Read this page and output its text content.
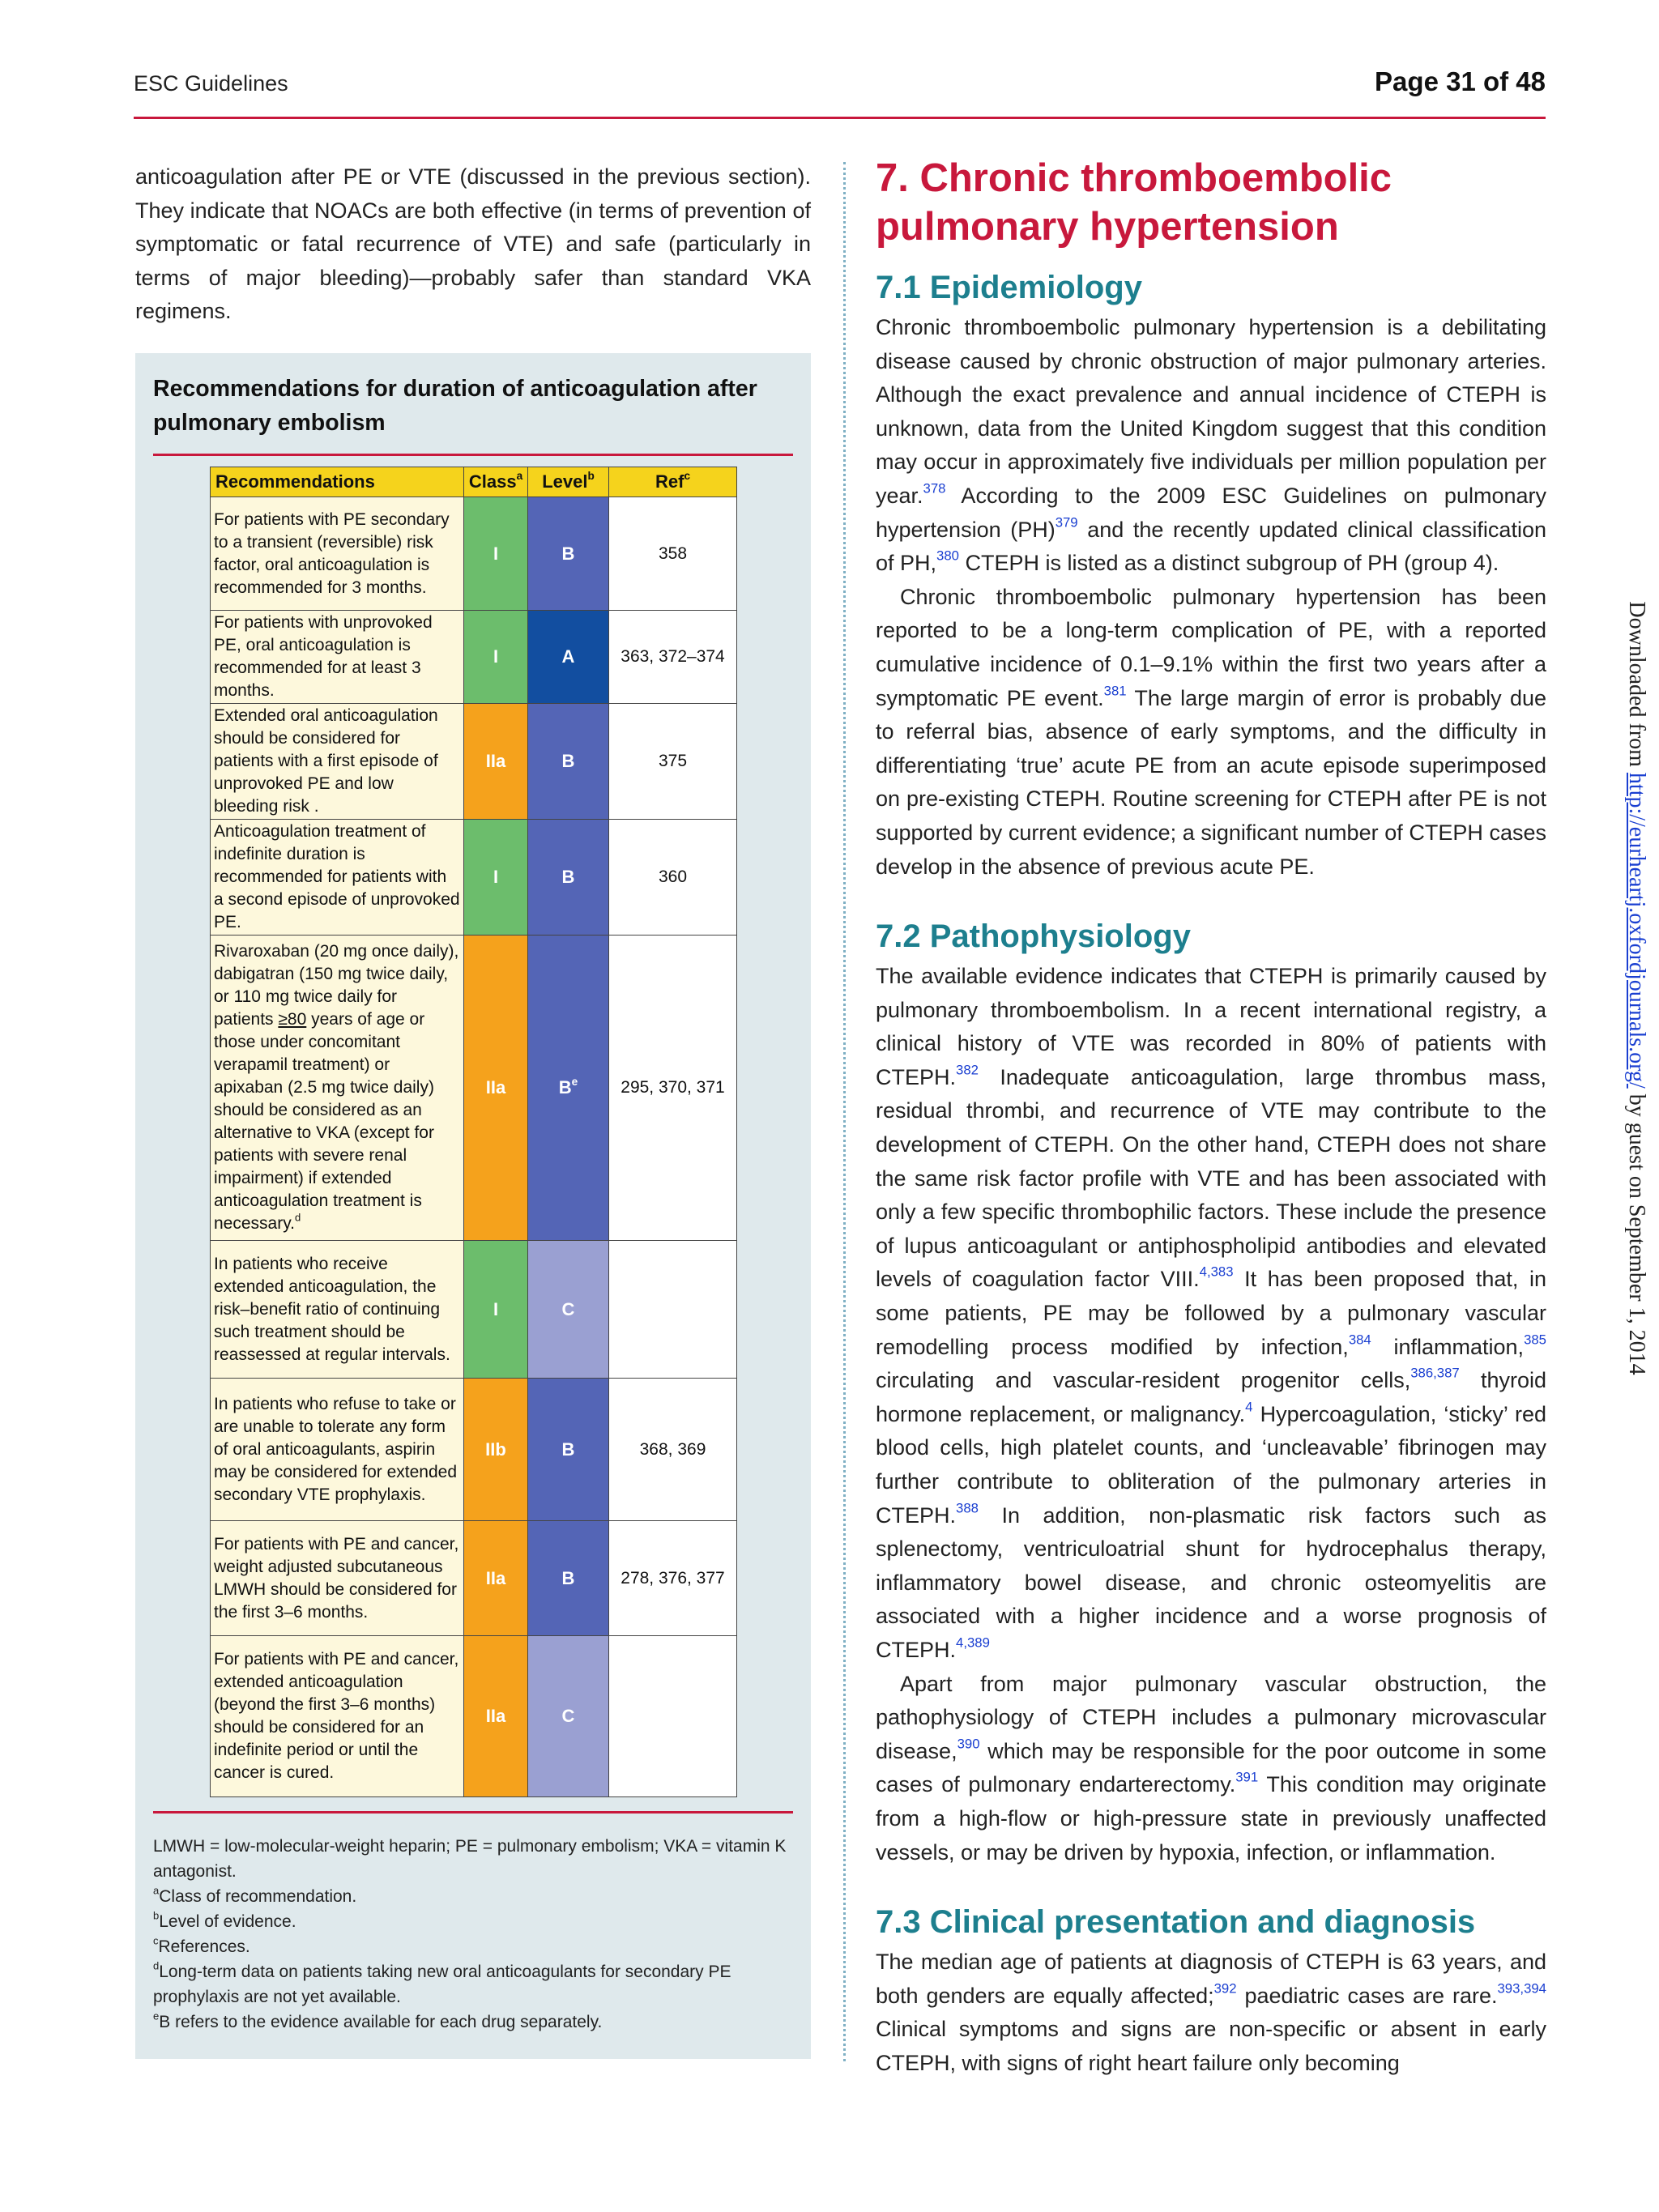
ESC Guidelines	Page 31 of 48
anticoagulation after PE or VTE (discussed in the previous section). They indicate that NOACs are both effective (in terms of prevention of symptomatic or fatal recurrence of VTE) and safe (particularly in terms of major bleeding)—probably safer than standard VKA regimens.
Recommendations for duration of anticoagulation after pulmonary embolism
Recommendations	Class$^a$	Level$^b$	Ref$^c$
For patients with PE secondary to a transient (reversible) risk factor, oral anticoagulation is recommended for 3 months.	I	B	358
For patients with unprovoked PE, oral anticoagulation is recommended for at least 3 months.	I	A	363, 372–374
Extended oral anticoagulation should be considered for patients with a first episode of unprovoked PE and low bleeding risk .	IIa	B	375
Anticoagulation treatment of indefinite duration is recommended for patients with a second episode of unprovoked PE.	I	B	360
Rivaroxaban (20 mg once daily), dabigatran (150 mg twice daily, or 110 mg twice daily for patients ≥80 years of age or those under concomitant verapamil treatment) or apixaban (2.5 mg twice daily) should be considered as an alternative to VKA (except for patients with severe renal impairment) if extended anticoagulation treatment is necessary.$^d$	IIa	$B^e$	295, 370, 371
In patients who receive extended anticoagulation, the risk–benefit ratio of continuing such treatment should be reassessed at regular intervals.	I	C	
In patients who refuse to take or are unable to tolerate any form of oral anticoagulants, aspirin may be considered for extended secondary VTE prophylaxis.	IIb	B	368, 369
For patients with PE and cancer, weight adjusted subcutaneous LMWH should be considered for the first 3–6 months.	IIa	B	278, 376, 377
For patients with PE and cancer, extended anticoagulation (beyond the first 3–6 months) should be considered for an indefinite period or until the cancer is cured.	IIa	C	
LMWH = low-molecular-weight heparin; PE = pulmonary embolism; VKA = vitamin K antagonist.
$^a$Class of recommendation.
$^b$Level of evidence.
$^c$References.
$^d$Long-term data on patients taking new oral anticoagulants for secondary PE prophylaxis are not yet available.
$^e$B refers to the evidence available for each drug separately.
7. Chronic thromboembolic pulmonary hypertension
7.1 Epidemiology

Chronic thromboembolic pulmonary hypertension is a debilitating disease caused by chronic obstruction of major pulmonary arteries. Although the exact prevalence and annual incidence of CTEPH is unknown, data from the United Kingdom suggest that this condition may occur in approximately five individuals per million population per year.$^{378}$ According to the 2009 ESC Guidelines on pulmonary hypertension (PH)$^{379}$ and the recently updated clinical classification of PH,$^{380}$ CTEPH is listed as a distinct subgroup of PH (group 4).

Chronic thromboembolic pulmonary hypertension has been reported to be a long-term complication of PE, with a reported cumulative incidence of 0.1–9.1% within the first two years after a symptomatic PE event.$^{381}$ The large margin of error is probably due to referral bias, absence of early symptoms, and the difficulty in differentiating ‘true’ acute PE from an acute episode superimposed on pre-existing CTEPH. Routine screening for CTEPH after PE is not supported by current evidence; a significant number of CTEPH cases develop in the absence of previous acute PE.

7.2 Pathophysiology

The available evidence indicates that CTEPH is primarily caused by pulmonary thromboembolism. In a recent international registry, a clinical history of VTE was recorded in 80% of patients with CTEPH.$^{382}$ Inadequate anticoagulation, large thrombus mass, residual thrombi, and recurrence of VTE may contribute to the development of CTEPH. On the other hand, CTEPH does not share the same risk factor profile with VTE and has been associated with only a few specific thrombophilic factors. These include the presence of lupus anticoagulant or antiphospholipid antibodies and elevated levels of coagulation factor VIII.$^{4,383}$ It has been proposed that, in some patients, PE may be followed by a pulmonary vascular remodelling process modified by infection,$^{384}$ inflammation,$^{385}$ circulating and vascular-resident progenitor cells,$^{386,387}$ thyroid hormone replacement, or malignancy.$^4$ Hypercoagulation, ‘sticky’ red blood cells, high platelet counts, and ‘uncleavable’ fibrinogen may further contribute to obliteration of the pulmonary arteries in CTEPH.$^{388}$ In addition, non-plasmatic risk factors such as splenectomy, ventriculoatrial shunt for hydrocephalus therapy, inflammatory bowel disease, and chronic osteomyelitis are associated with a higher incidence and a worse prognosis of CTEPH.$^{4,389}$

Apart from major pulmonary vascular obstruction, the pathophysiology of CTEPH includes a pulmonary microvascular disease,$^{390}$ which may be responsible for the poor outcome in some cases of pulmonary endarterectomy.$^{391}$ This condition may originate from a high-flow or high-pressure state in previously unaffected vessels, or may be driven by hypoxia, infection, or inflammation.

7.3 Clinical presentation and diagnosis

The median age of patients at diagnosis of CTEPH is 63 years, and both genders are equally affected;$^{392}$ paediatric cases are rare.$^{393,394}$ Clinical symptoms and signs are non-specific or absent in early CTEPH, with signs of right heart failure only becoming

Downloaded from http://eurheartj.oxfordjournals.org/ by guest on September 1, 2014
